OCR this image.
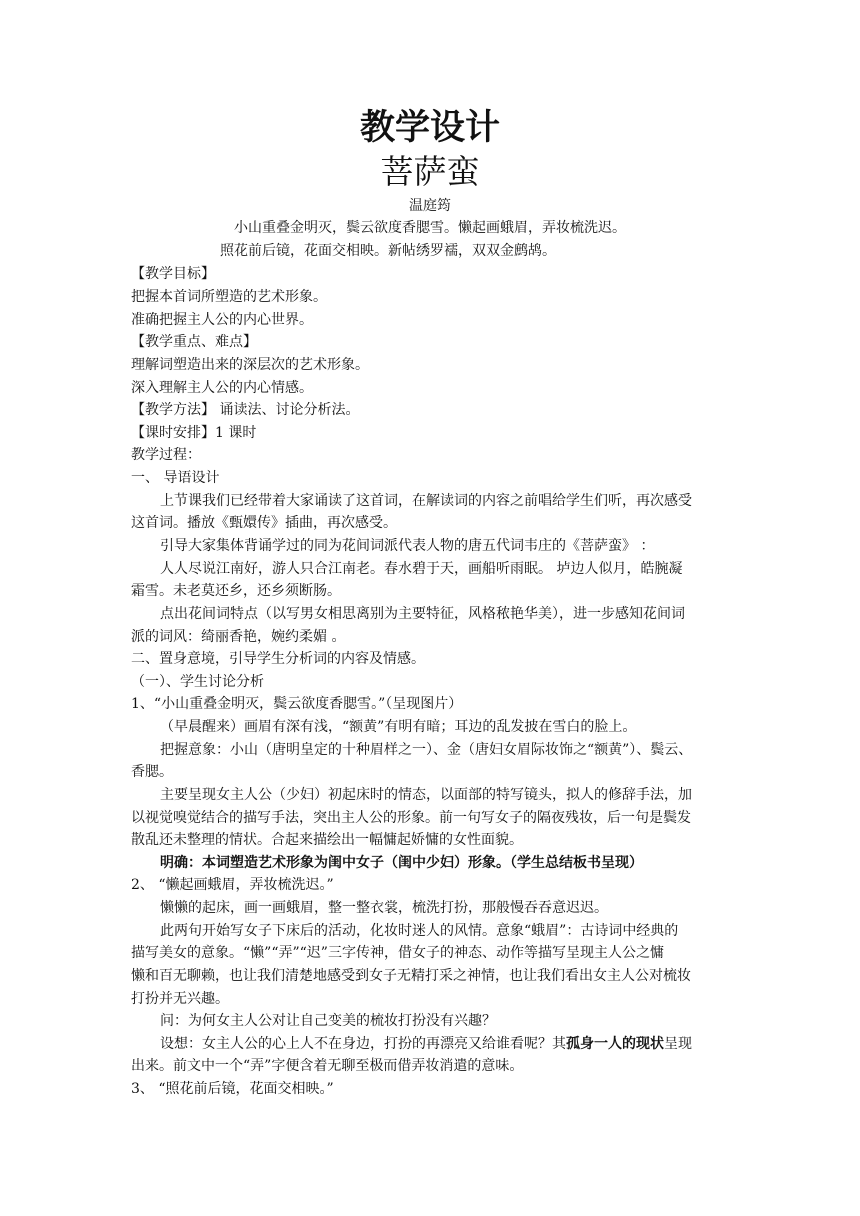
教学设计
菩萨蛮
温庭筠
小山重叠金明灭，鬓云欲度香腮雪。懒起画蛾眉，弄妆梳洗迟。
照花前后镜，花面交相映。新帖绣罗襦，双双金鹧鸪。
【教学目标】
把握本首词所塑造的艺术形象。
准确把握主人公的内心世界。
【教学重点、难点】
理解词塑造出来的深层次的艺术形象。
深入理解主人公的内心情感。
【教学方法】 诵读法、讨论分析法。
【课时安排】1 课时
教学过程：
一、 导语设计
上节课我们已经带着大家诵读了这首词，在解读词的内容之前唱给学生们听，再次感受
这首词。播放《甄嬛传》插曲，再次感受。
引导大家集体背诵学过的同为花间词派代表人物的唐五代词韦庄的《菩萨蛮》 ：
人人尽说江南好，游人只合江南老。春水碧于天，画船听雨眠。 垆边人似月，皓腕凝
霜雪。未老莫还乡，还乡须断肠。
点出花间词特点（以写男女相思离别为主要特征，风格秾艳华美），进一步感知花间词
派的词风：绮丽香艳，婉约柔媚 。
二、置身意境，引导学生分析词的内容及情感。
（一）、学生讨论分析
1、“小山重叠金明灭，鬓云欲度香腮雪。”（呈现图片）
（早晨醒来）画眉有深有浅，“额黄”有明有暗；耳边的乱发披在雪白的脸上。
把握意象：小山（唐明皇定的十种眉样之一）、金（唐妇女眉际妆饰之“额黄”）、鬓云、
香腮。
主要呈现女主人公（少妇）初起床时的情态，以面部的特写镜头，拟人的修辞手法，加
以视觉嗅觉结合的描写手法，突出主人公的形象。前一句写女子的隔夜残妆，后一句是鬓发
散乱还未整理的情状。合起来描绘出一幅慵起娇慵的女性面貌。
明确：本词塑造艺术形象为闺中女子（闺中少妇）形象。（学生总结板书呈现）
2、 “懒起画蛾眉，弄妆梳洗迟。”
懒懒的起床，画一画蛾眉，整一整衣裳，梳洗打扮，那般慢吞吞意迟迟。
此两句开始写女子下床后的活动，化妆时迷人的风情。意象“蛾眉”：古诗词中经典的
描写美女的意象。“懒”“弄”“迟”三字传神，借女子的神态、动作等描写呈现主人公之慵
懒和百无聊赖，也让我们清楚地感受到女子无精打采之神情，也让我们看出女主人公对梳妆
打扮并无兴趣。
问：为何女主人公对让自己变美的梳妆打扮没有兴趣？
设想：女主人公的心上人不在身边，打扮的再漂亮又给谁看呢？其孤身一人的现状呈现
出来。前文中一个“弄”字便含着无聊至极而借弄妆消遣的意味。
3、 “照花前后镜，花面交相映。”
